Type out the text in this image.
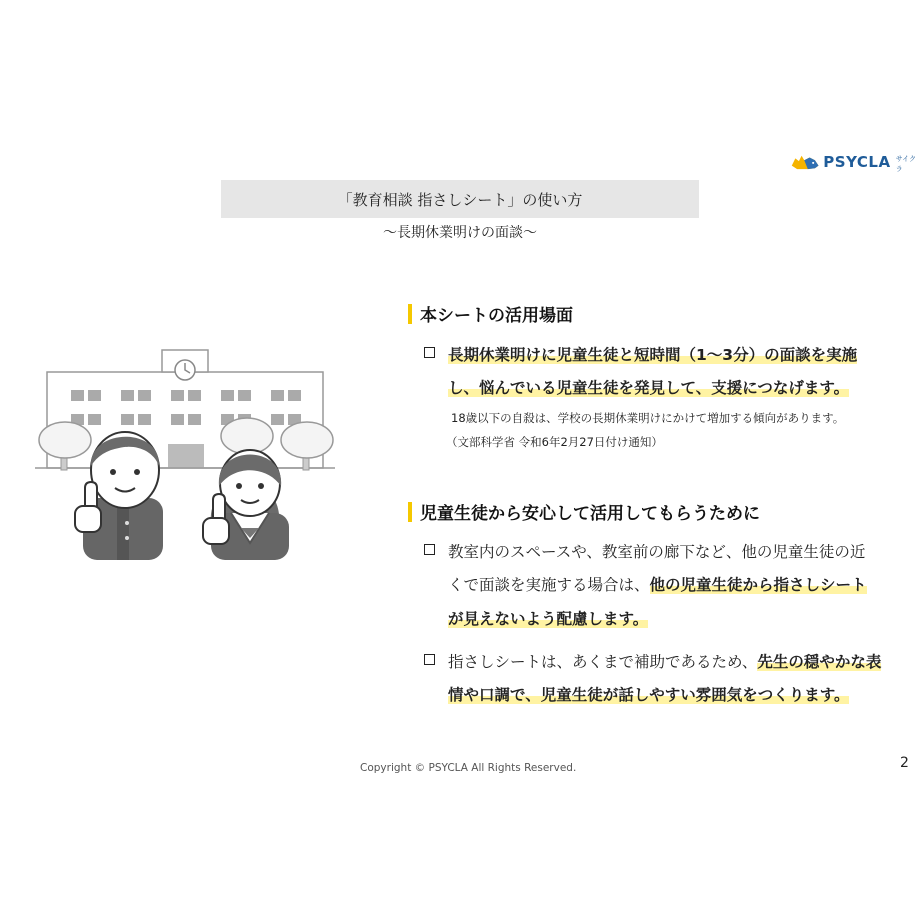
PSYCLA サイクラ
「教育相談 指さしシート」の使い方
～長期休業明けの面談～
本シートの活用場面
長期休業明けに児童生徒と短時間（1～3分）の面談を実施
し、悩んでいる児童生徒を発見して、支援につなげます。
18歳以下の自殺は、学校の長期休業明けにかけて増加する傾向があります。
（文部科学省 令和6年2月27日付け通知）
児童生徒から安心して活用してもらうために
教室内のスペースや、教室前の廊下など、他の児童生徒の近
くで面談を実施する場合は、他の児童生徒から指さしシート
が見えないよう配慮します。
指さしシートは、あくまで補助であるため、先生の穏やかな表
情や口調で、児童生徒が話しやすい雰囲気をつくります。
Copyright © PSYCLA All Rights Reserved.	2
